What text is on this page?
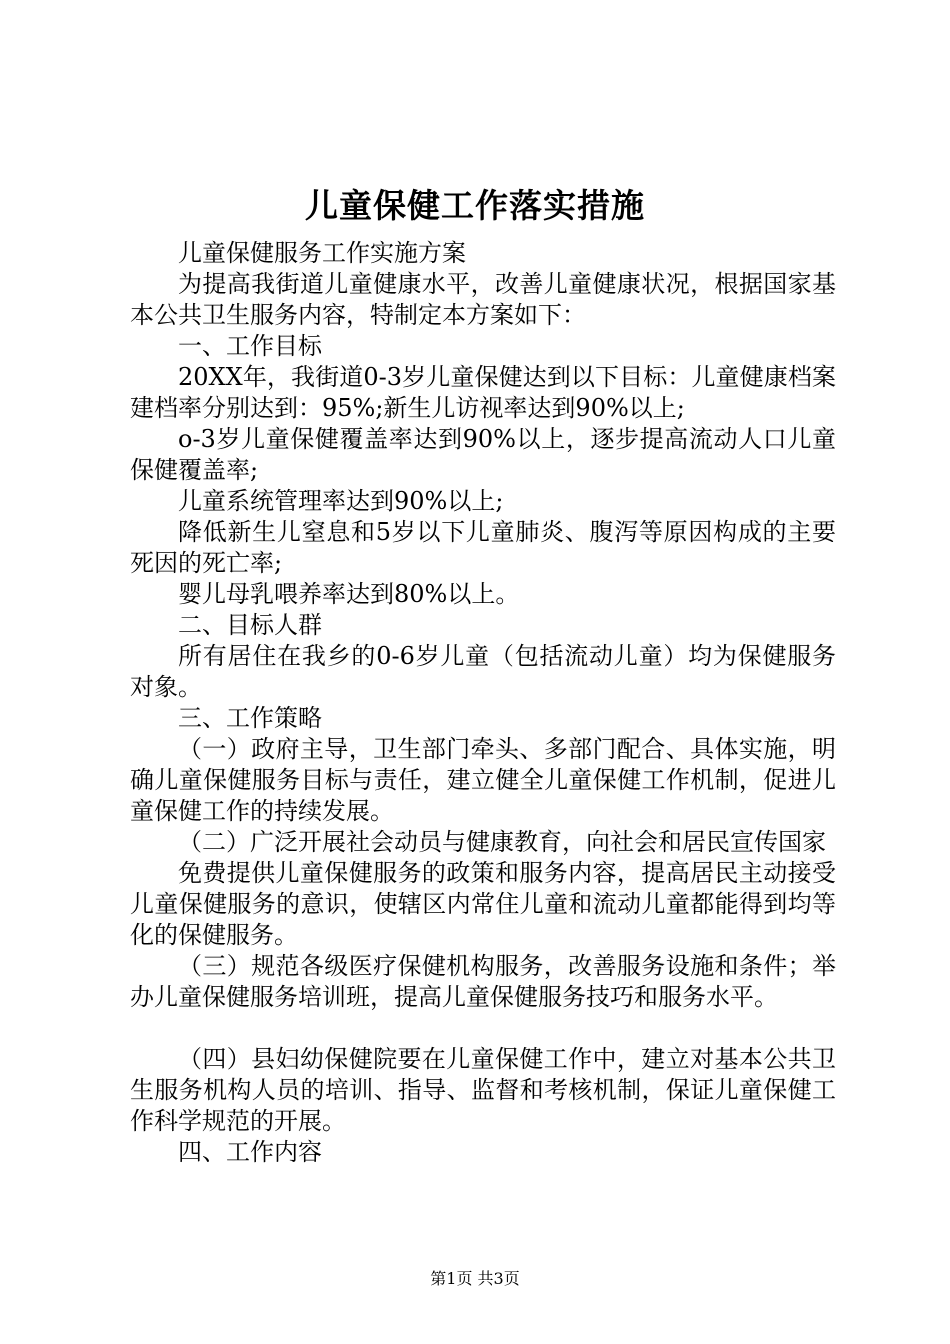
儿童保健工作落实措施

儿童保健服务工作实施方案

为提高我街道儿童健康水平，改善儿童健康状况，根据国家基本公共卫生服务内容，特制定本方案如下：

一、工作目标

20XX年，我街道0-3岁儿童保健达到以下目标：儿童健康档案建档率分别达到：95%;新生儿访视率达到90%以上;

o-3岁儿童保健覆盖率达到90%以上，逐步提高流动人口儿童保健覆盖率;

儿童系统管理率达到90%以上;

降低新生儿窒息和5岁以下儿童肺炎、腹泻等原因构成的主要死因的死亡率;

婴儿母乳喂养率达到80%以上。

二、目标人群

所有居住在我乡的0-6岁儿童（包括流动儿童）均为保健服务对象。

三、工作策略

（一）政府主导，卫生部门牵头、多部门配合、具体实施，明确儿童保健服务目标与责任，建立健全儿童保健工作机制，促进儿童保健工作的持续发展。

（二）广泛开展社会动员与健康教育，向社会和居民宣传国家

免费提供儿童保健服务的政策和服务内容，提高居民主动接受儿童保健服务的意识，使辖区内常住儿童和流动儿童都能得到均等化的保健服务。

（三）规范各级医疗保健机构服务，改善服务设施和条件；举办儿童保健服务培训班，提高儿童保健服务技巧和服务水平。

（四）县妇幼保健院要在儿童保健工作中，建立对基本公共卫生服务机构人员的培训、指导、监督和考核机制，保证儿童保健工作科学规范的开展。

四、工作内容

第1页 共3页
